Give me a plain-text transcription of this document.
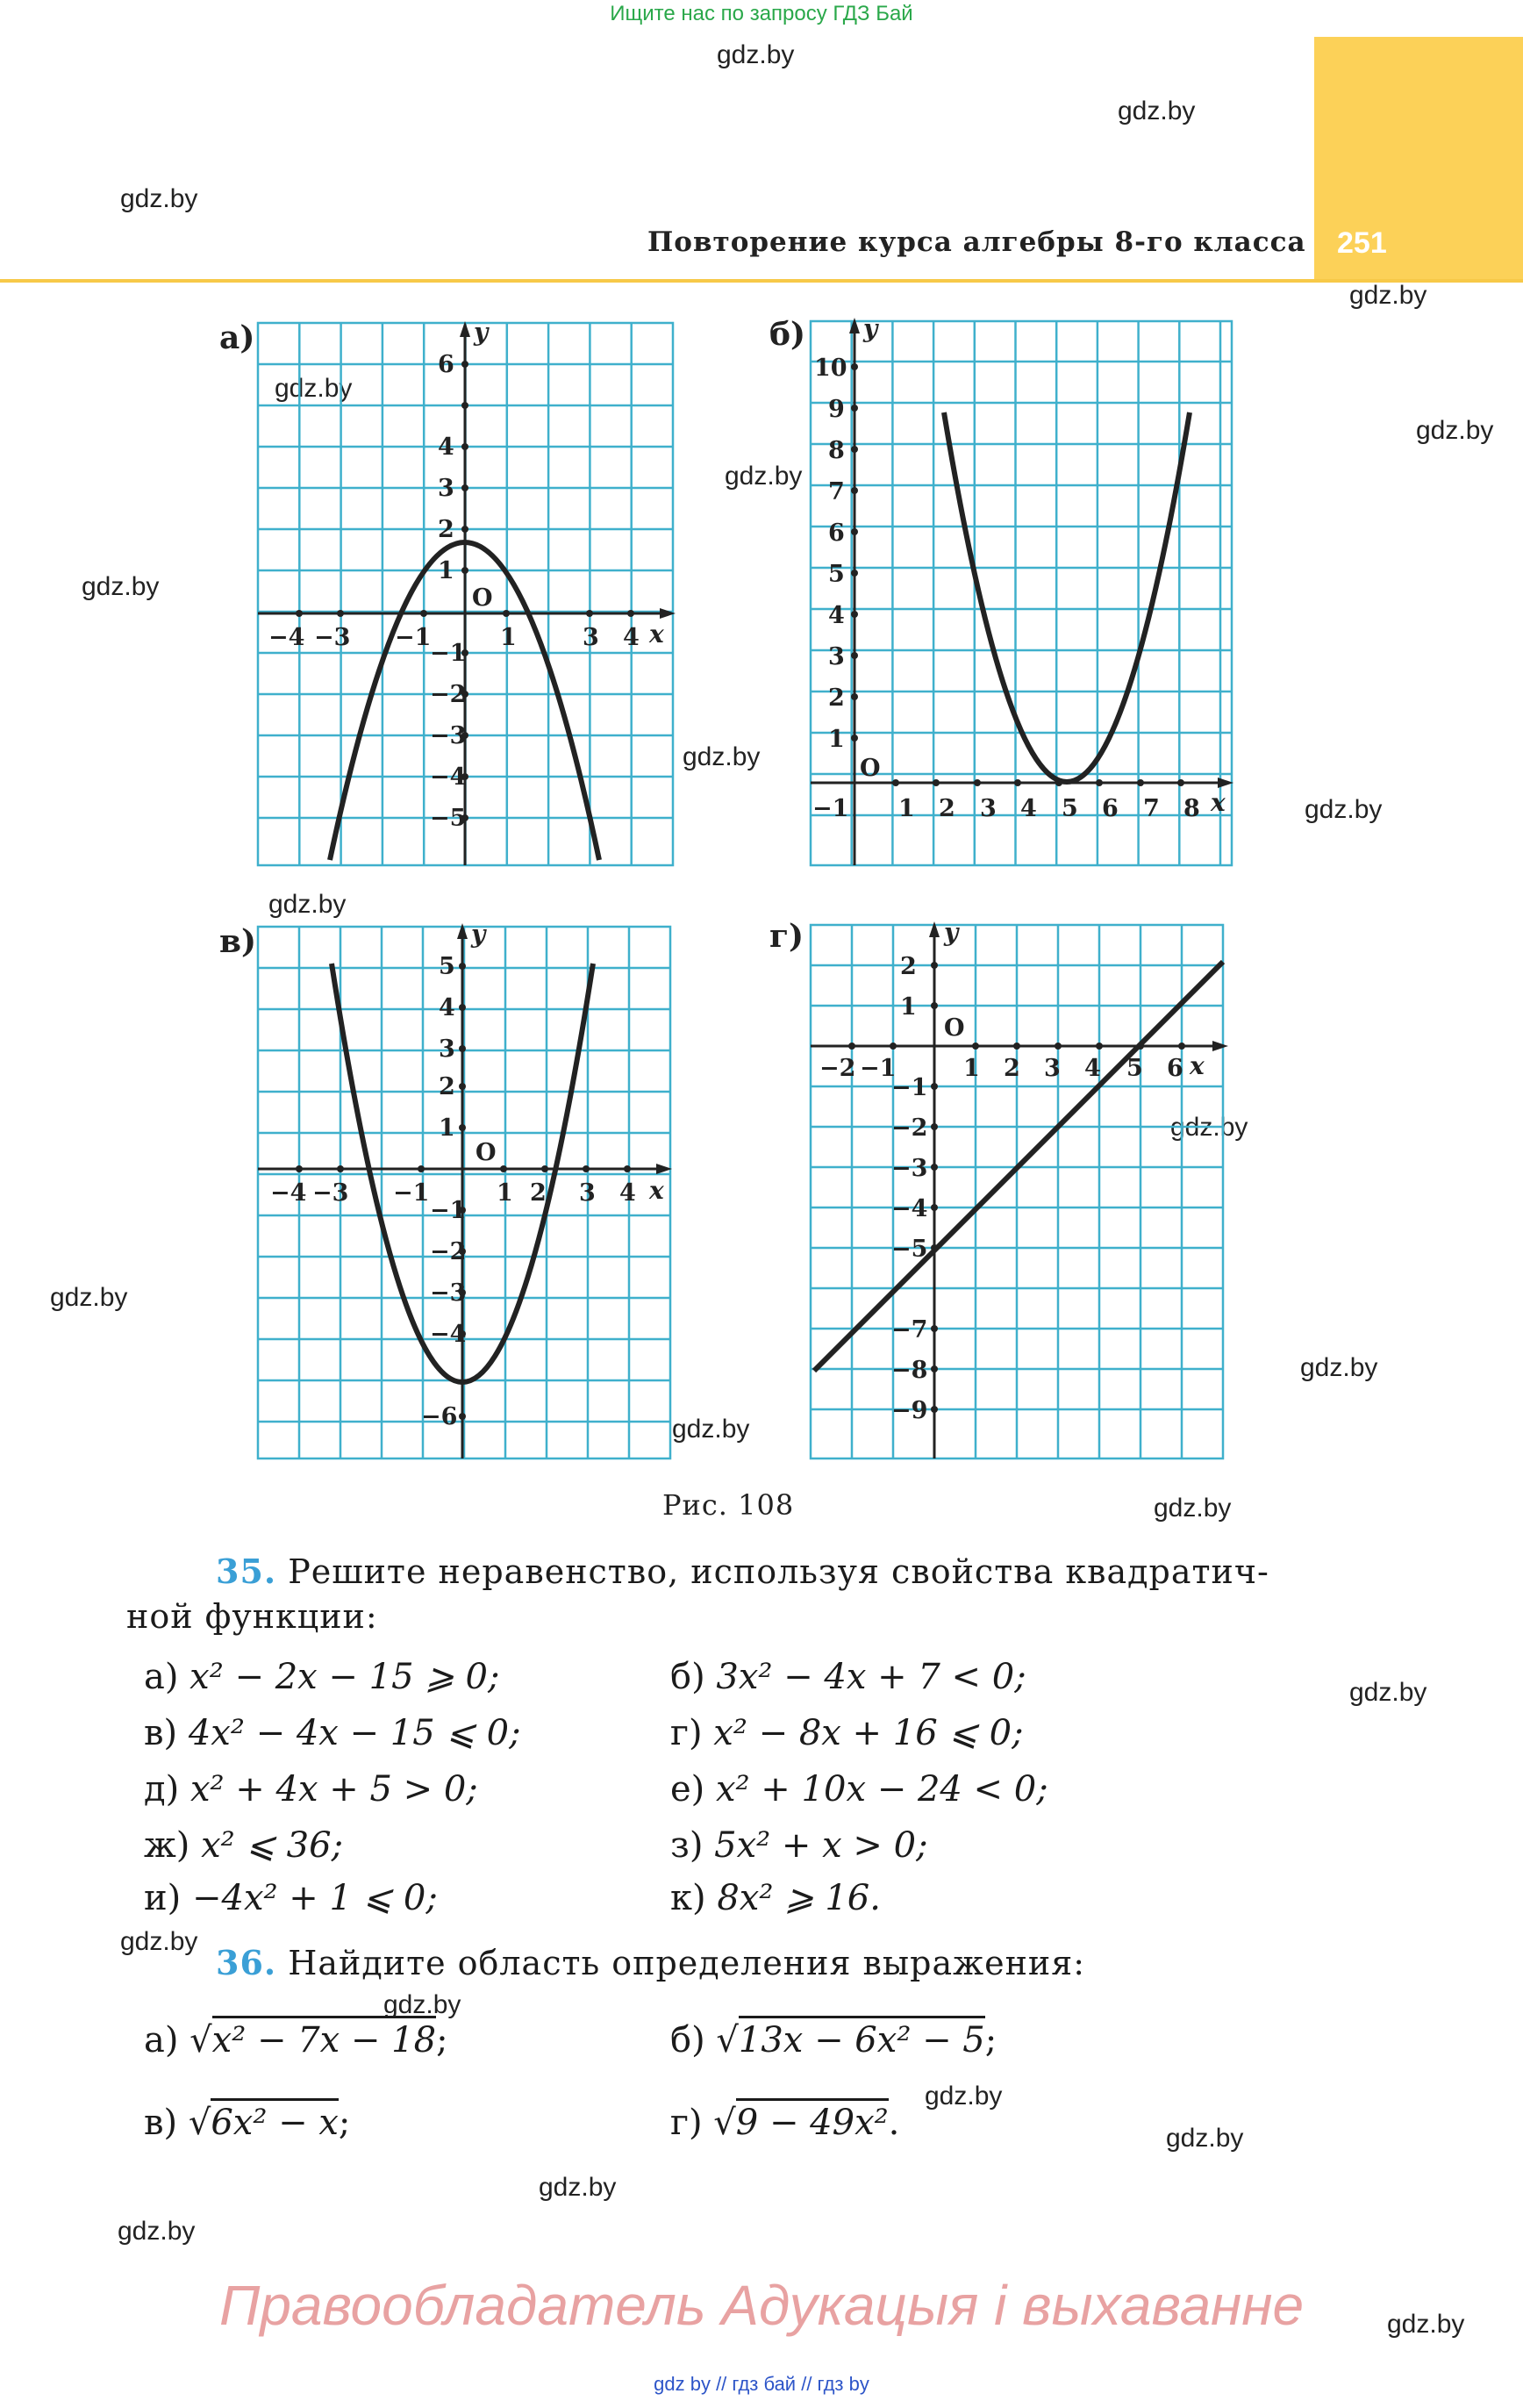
Ищите нас по запросу ГДЗ Бай
251
Повторение курса алгебры 8-го класса
gdz.by
gdz.by
gdz.by
gdz.by
gdz.by
gdz.by
gdz.by
gdz.by
gdz.by
gdz.by
gdz.by
gdz.by
gdz.by
gdz.by
gdz.by
gdz.by
gdz.by
gdz.by
gdz.by
gdz.by
gdz.by
gdz.by
gdz.by
gdz.by
а)	б)
в)	г)
−4 −3 −1	1	3 4
6
4
3
2
1
−1
−2
−3
−4
−5
x
y
O
−1 1 2 3 4 5 6 7 8
10
9
8
7
6
5
4
3
2
1
x
y
O
−4 −3 −1	1 2 3 4
5
4
3
2
1
−1
−2
−3
−4
−6
x
y
O
−2 −1	1 2 3 4 5 6
2
1
−1
−2
−3
−4
−5
−7
−8
−9
x
y
O
Рис. 108
35. Решите неравенство, используя свойства квадратич-
ной функции:
а) x² − 2x − 15 ⩾ 0;	б) 3x² − 4x + 7 < 0;
в) 4x² − 4x − 15 ⩽ 0;	г) x² − 8x + 16 ⩽ 0;
д) x² + 4x + 5 > 0;	е) x² + 10x − 24 < 0;
ж) x² ⩽ 36;	з) 5x² + x > 0;
и) −4x² + 1 ⩽ 0;	к) 8x² ⩾ 16.
36. Найдите область определения выражения:
а) √x² − 7x − 18;	б) √13x − 6x² − 5;
в) √6x² − x;	г) √9 − 49x².
Правообладатель Адукацыя і выхаванне
gdz by // гдз бай // гдз by
